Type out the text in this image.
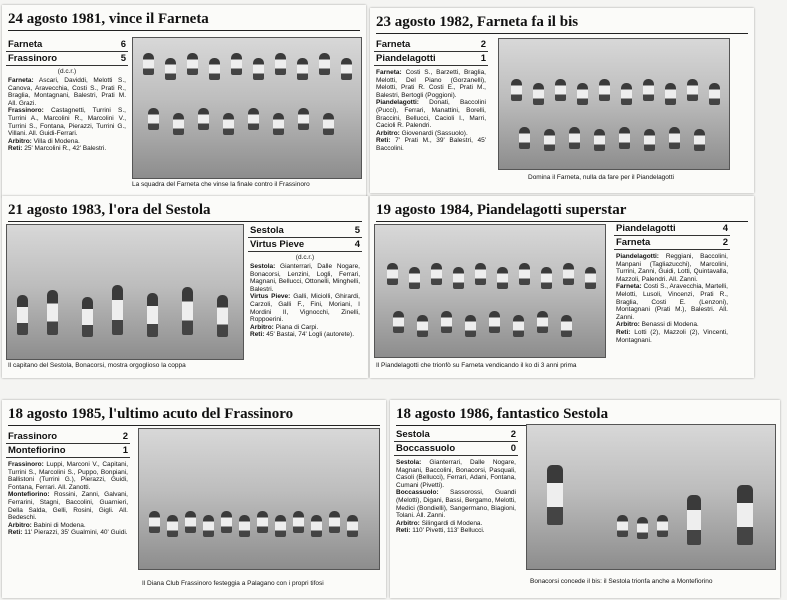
24 agosto 1981, vince il Farneta
Farneta	6
Frassinoro	5
(d.c.r.)
Farneta: Ascari, Daviddi, Melotti S., Canova, Aravecchia, Costi S., Prati R., Braglia, Montagnani, Balestri, Prati M. All. Grazi.
Frassinoro: Castagnetti, Turrini S., Turrini A., Marcolini R., Marcolini V., Turrini S., Fontana, Pierazzi, Turrini G., Villani. All. Guidi-Ferrari.
Arbitro: Villa di Modena.
Reti: 25' Marcolini R., 42' Balestri.
La squadra del Farneta che vinse la finale contro il Frassinoro
23 agosto 1982, Farneta fa il bis
Farneta	2
Piandelagotti	1
Farneta: Costi S., Barzetti, Braglia, Melotti, Del Piano (Gorzanelli), Melotti, Prati R. Costi E., Prati M., Balestri, Bertogli (Poggioni).
Piandelagotti: Donati, Baccolini (Pucci), Ferrari, Manattini, Borelli, Braccini, Bellucci, Cacioli I., Marri, Cacioli R. Palendri.
Arbitro: Giovenardi (Sassuolo).
Reti: 7' Prati M., 39' Balestri, 45' Baccolini.
Domina il Farneta, nulla da fare per il Piandelagotti
21 agosto 1983, l'ora del Sestola
Il capitano del Sestola, Bonacorsi, mostra orgoglioso la coppa
Sestola	5
Virtus Pieve	4
(d.c.r.)
Sestola: Gianterrari, Dalle Nogare, Bonacorsi, Lenzini, Logli, Ferrari, Magnani, Bellucci, Ottonelli, Minghelli, Balestri.
Virtus Pieve: Galli, Miciolli, Ghirardi, Carzoli, Galli F., Fini, Moriani, I Mordini II, Vignocchi, Zinelli, Roppoerini.
Arbitro: Piana di Carpi.
Reti: 45' Bastai, 74' Logli (autorete).
19 agosto 1984, Piandelagotti superstar
Il Piandelagotti che trionfò su Farneta vendicando il ko di 3 anni prima
Piandelagotti	4
Farneta	2
Piandelagotti: Reggiani, Baccolini, Manpani (Tagliazucchi), Marcolini, Turrini, Zanni, Guidi, Lotti, Quintavalla, Mazzoli, Palendri. All. Zanni.
Farneta: Costi S., Aravecchia, Martelli, Melotti, Lusoli, Vincenzi, Prati R., Braglia, Costi E. (Lenzoni), Montagnani (Prati M.), Balestri. All. Zanni.
Arbitro: Benassi di Modena.
Reti: Lotti (2), Mazzoli (2), Vincenti, Montagnani.
18 agosto 1985, l'ultimo acuto del Frassinoro
Frassinoro	2
Montefiorino	1
Frassinoro: Luppi, Marconi V., Capitani, Turrini S., Marcolini S., Puppo, Bonpiani, Ballistoni (Turrini G.), Pierazzi, Guidi, Fontana, Ferrari. All. Zanotti.
Montefiorino: Rossini, Zanni, Galvani, Ferrarini, Stagni, Baccolini, Guarnieri, Della Salda, Gelli, Rosini, Gigli. All. Bedeschi.
Arbitro: Babini di Modena.
Reti: 11' Pierazzi, 35' Gualmini, 40' Guidi.
Il Diana Club Frassinoro festeggia a Palagano con i propri tifosi
18 agosto 1986, fantastico Sestola
Sestola	2
Boccassuolo	0
Sestola: Gianterrari, Dalle Nogare, Magnani, Baccolini, Bonacorsi, Pasquali, Casoli (Bellucci), Ferrari, Adani, Fontana, Cumani (Pivetti).
Boccassuolo: Sassorossi, Guandi (Melotti), Digani, Bassi, Bergamo, Melotti, Medici (Bondielli), Sangermano, Biagioni, Tolani. All. Zanni.
Arbitro: Silingardi di Modena.
Reti: 110' Pivetti, 113' Bellucci.
Bonacorsi concede il bis: il Sestola trionfa anche a Montefiorino
